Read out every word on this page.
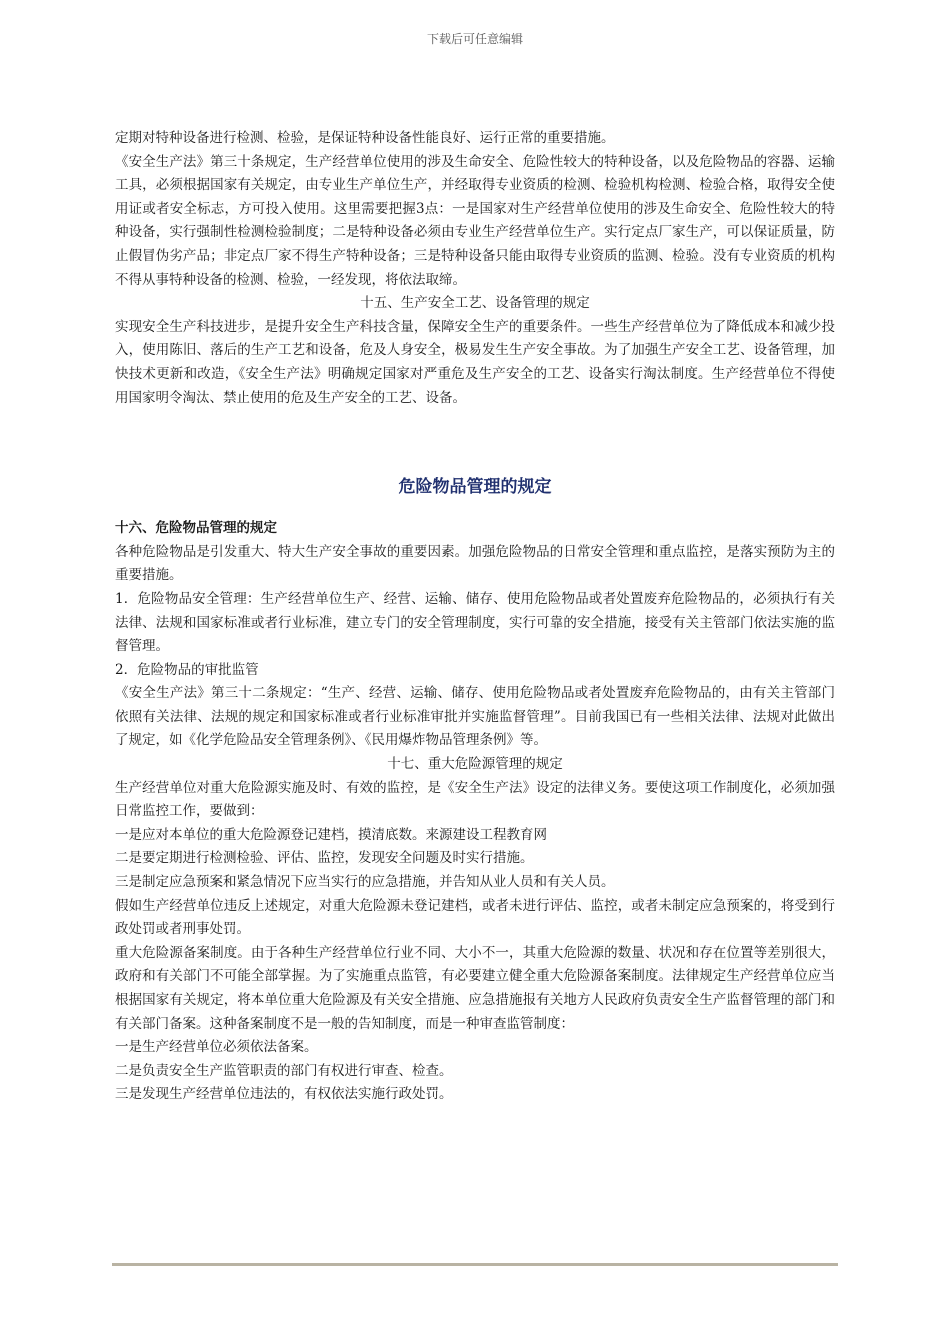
下载后可任意编辑

定期对特种设备进行检测、检验，是保证特种设备性能良好、运行正常的重要措施。

《安全生产法》第三十条规定，生产经营单位使用的涉及生命安全、危险性较大的特种设备，以及危险物品的容器、运输工具，必须根据国家有关规定，由专业生产单位生产，并经取得专业资质的检测、检验机构检测、检验合格，取得安全使用证或者安全标志，方可投入使用。这里需要把握3点：一是国家对生产经营单位使用的涉及生命安全、危险性较大的特种设备，实行强制性检测检验制度；二是特种设备必须由专业生产经营单位生产。实行定点厂家生产，可以保证质量，防止假冒伪劣产品；非定点厂家不得生产特种设备；三是特种设备只能由取得专业资质的监测、检验。没有专业资质的机构不得从事特种设备的检测、检验，一经发现，将依法取缔。

十五、生产安全工艺、设备管理的规定

实现安全生产科技进步，是提升安全生产科技含量，保障安全生产的重要条件。一些生产经营单位为了降低成本和减少投入，使用陈旧、落后的生产工艺和设备，危及人身安全，极易发生生产安全事故。为了加强生产安全工艺、设备管理，加快技术更新和改造，《安全生产法》明确规定国家对严重危及生产安全的工艺、设备实行淘汰制度。生产经营单位不得使用国家明令淘汰、禁止使用的危及生产安全的工艺、设备。

危险物品管理的规定

十六、危险物品管理的规定

各种危险物品是引发重大、特大生产安全事故的重要因素。加强危险物品的日常安全管理和重点监控，是落实预防为主的重要措施。

1．危险物品安全管理：生产经营单位生产、经营、运输、储存、使用危险物品或者处置废弃危险物品的，必须执行有关法律、法规和国家标准或者行业标准，建立专门的安全管理制度，实行可靠的安全措施，接受有关主管部门依法实施的监督管理。

2．危险物品的审批监管

《安全生产法》第三十二条规定：“生产、经营、运输、储存、使用危险物品或者处置废弃危险物品的，由有关主管部门依照有关法律、法规的规定和国家标准或者行业标准审批并实施监督管理”。目前我国已有一些相关法律、法规对此做出了规定，如《化学危险品安全管理条例》、《民用爆炸物品管理条例》等。

十七、重大危险源管理的规定

生产经营单位对重大危险源实施及时、有效的监控，是《安全生产法》设定的法律义务。要使这项工作制度化，必须加强日常监控工作，要做到：

一是应对本单位的重大危险源登记建档，摸清底数。来源建设工程教育网

二是要定期进行检测检验、评估、监控，发现安全问题及时实行措施。

三是制定应急预案和紧急情况下应当实行的应急措施，并告知从业人员和有关人员。

假如生产经营单位违反上述规定，对重大危险源未登记建档，或者未进行评估、监控，或者未制定应急预案的，将受到行政处罚或者刑事处罚。

重大危险源备案制度。由于各种生产经营单位行业不同、大小不一，其重大危险源的数量、状况和存在位置等差别很大，政府和有关部门不可能全部掌握。为了实施重点监管，有必要建立健全重大危险源备案制度。法律规定生产经营单位应当根据国家有关规定，将本单位重大危险源及有关安全措施、应急措施报有关地方人民政府负责安全生产监督管理的部门和有关部门备案。这种备案制度不是一般的告知制度，而是一种审查监管制度：

一是生产经营单位必须依法备案。

二是负责安全生产监管职责的部门有权进行审查、检查。

三是发现生产经营单位违法的，有权依法实施行政处罚。
